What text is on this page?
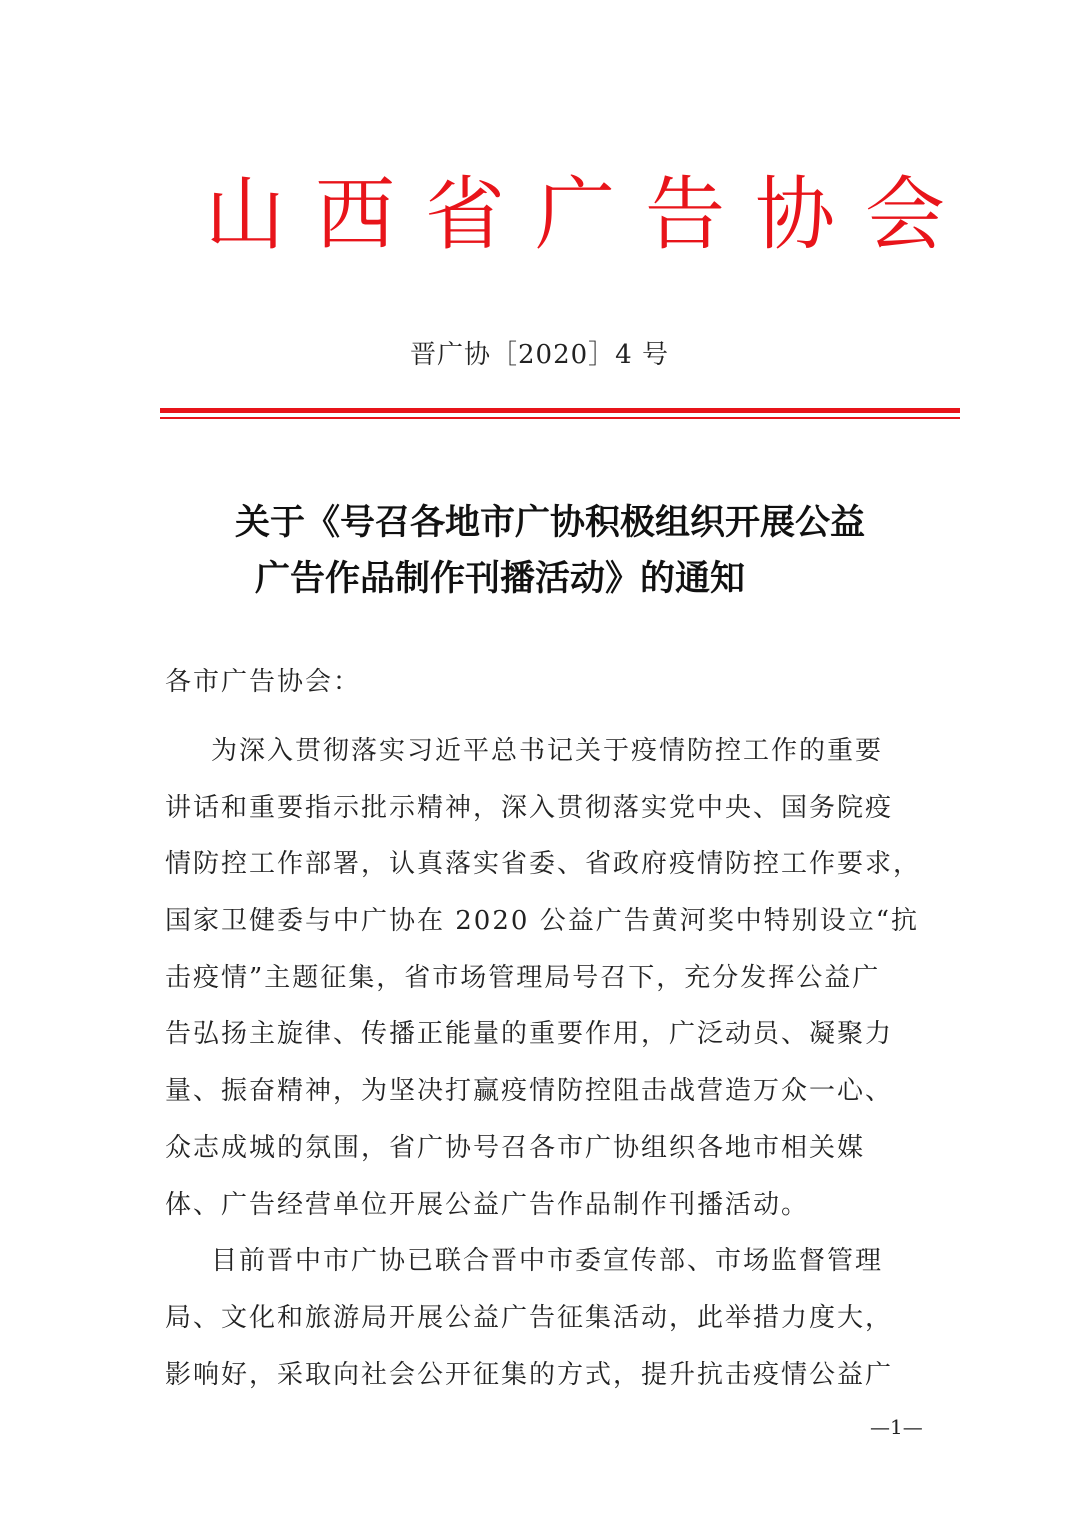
山 西 省 广 告 协 会
晋广协［2020］4 号
关于《号召各地市广协积极组织开展公益
广告作品制作刊播活动》的通知
各市广告协会：
为深入贯彻落实习近平总书记关于疫情防控工作的重要
讲话和重要指示批示精神，深入贯彻落实党中央、国务院疫
情防控工作部署，认真落实省委、省政府疫情防控工作要求，
国家卫健委与中广协在 2020 公益广告黄河奖中特别设立“抗
击疫情”主题征集，省市场管理局号召下，充分发挥公益广
告弘扬主旋律、传播正能量的重要作用，广泛动员、凝聚力
量、振奋精神，为坚决打赢疫情防控阻击战营造万众一心、
众志成城的氛围，省广协号召各市广协组织各地市相关媒
体、广告经营单位开展公益广告作品制作刊播活动。
目前晋中市广协已联合晋中市委宣传部、市场监督管理
局、文化和旅游局开展公益广告征集活动，此举措力度大，
影响好，采取向社会公开征集的方式，提升抗击疫情公益广
—1—
